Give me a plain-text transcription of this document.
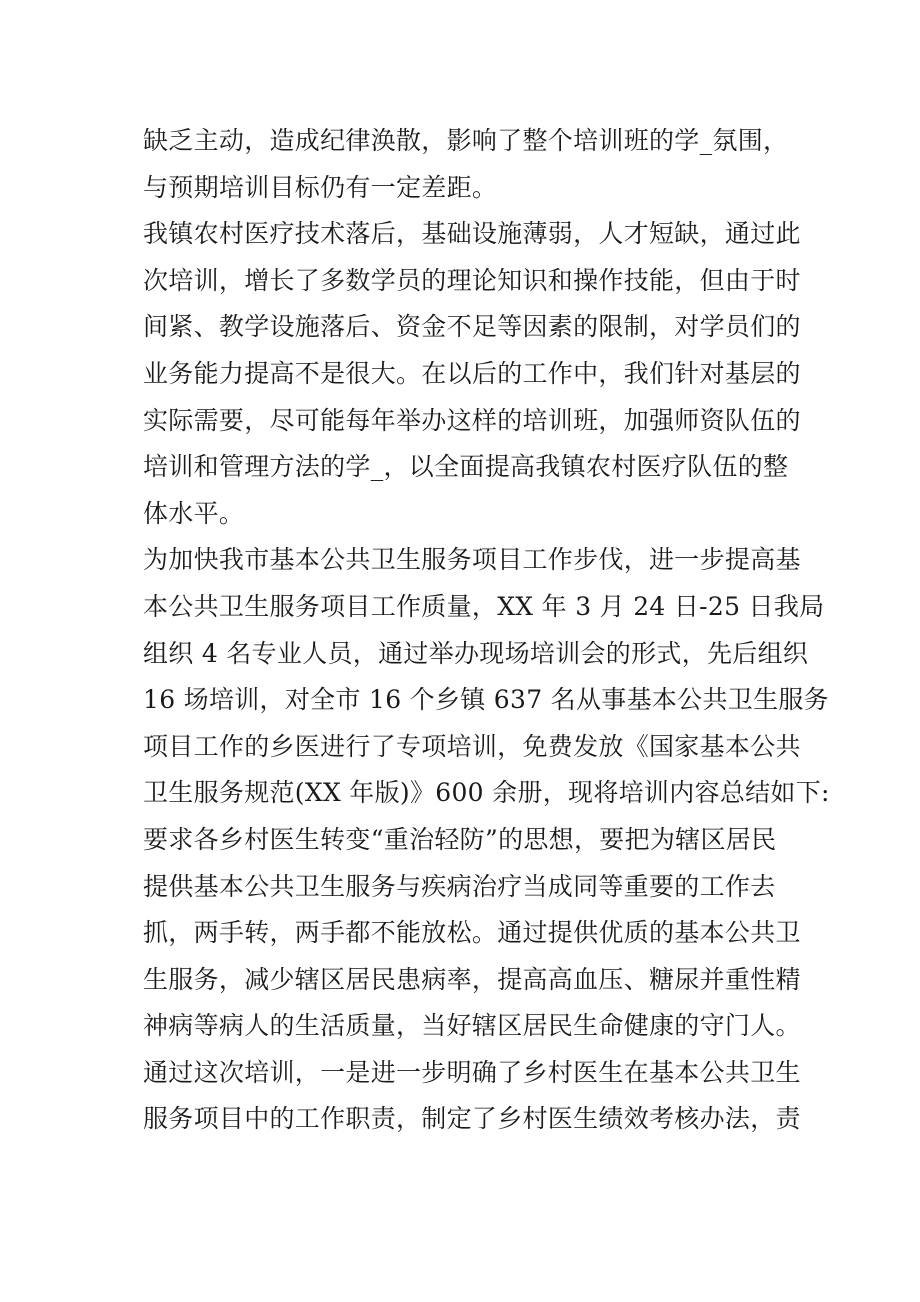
缺乏主动，造成纪律涣散，影响了整个培训班的学_氛围，
与预期培训目标仍有一定差距。
我镇农村医疗技术落后，基础设施薄弱，人才短缺，通过此
次培训，增长了多数学员的理论知识和操作技能，但由于时
间紧、教学设施落后、资金不足等因素的限制，对学员们的
业务能力提高不是很大。在以后的工作中，我们针对基层的
实际需要，尽可能每年举办这样的培训班，加强师资队伍的
培训和管理方法的学_，以全面提高我镇农村医疗队伍的整
体水平。
为加快我市基本公共卫生服务项目工作步伐，进一步提高基
本公共卫生服务项目工作质量，XX 年 3 月 24 日-25 日我局
组织 4 名专业人员，通过举办现场培训会的形式，先后组织
16 场培训，对全市 16 个乡镇 637 名从事基本公共卫生服务
项目工作的乡医进行了专项培训，免费发放《国家基本公共
卫生服务规范(XX 年版)》600 余册，现将培训内容总结如下:
要求各乡村医生转变“重治轻防”的思想，要把为辖区居民
提供基本公共卫生服务与疾病治疗当成同等重要的工作去
抓，两手转，两手都不能放松。通过提供优质的基本公共卫
生服务，减少辖区居民患病率，提高高血压、糖尿并重性精
神病等病人的生活质量，当好辖区居民生命健康的守门人。
通过这次培训，一是进一步明确了乡村医生在基本公共卫生
服务项目中的工作职责，制定了乡村医生绩效考核办法，责
